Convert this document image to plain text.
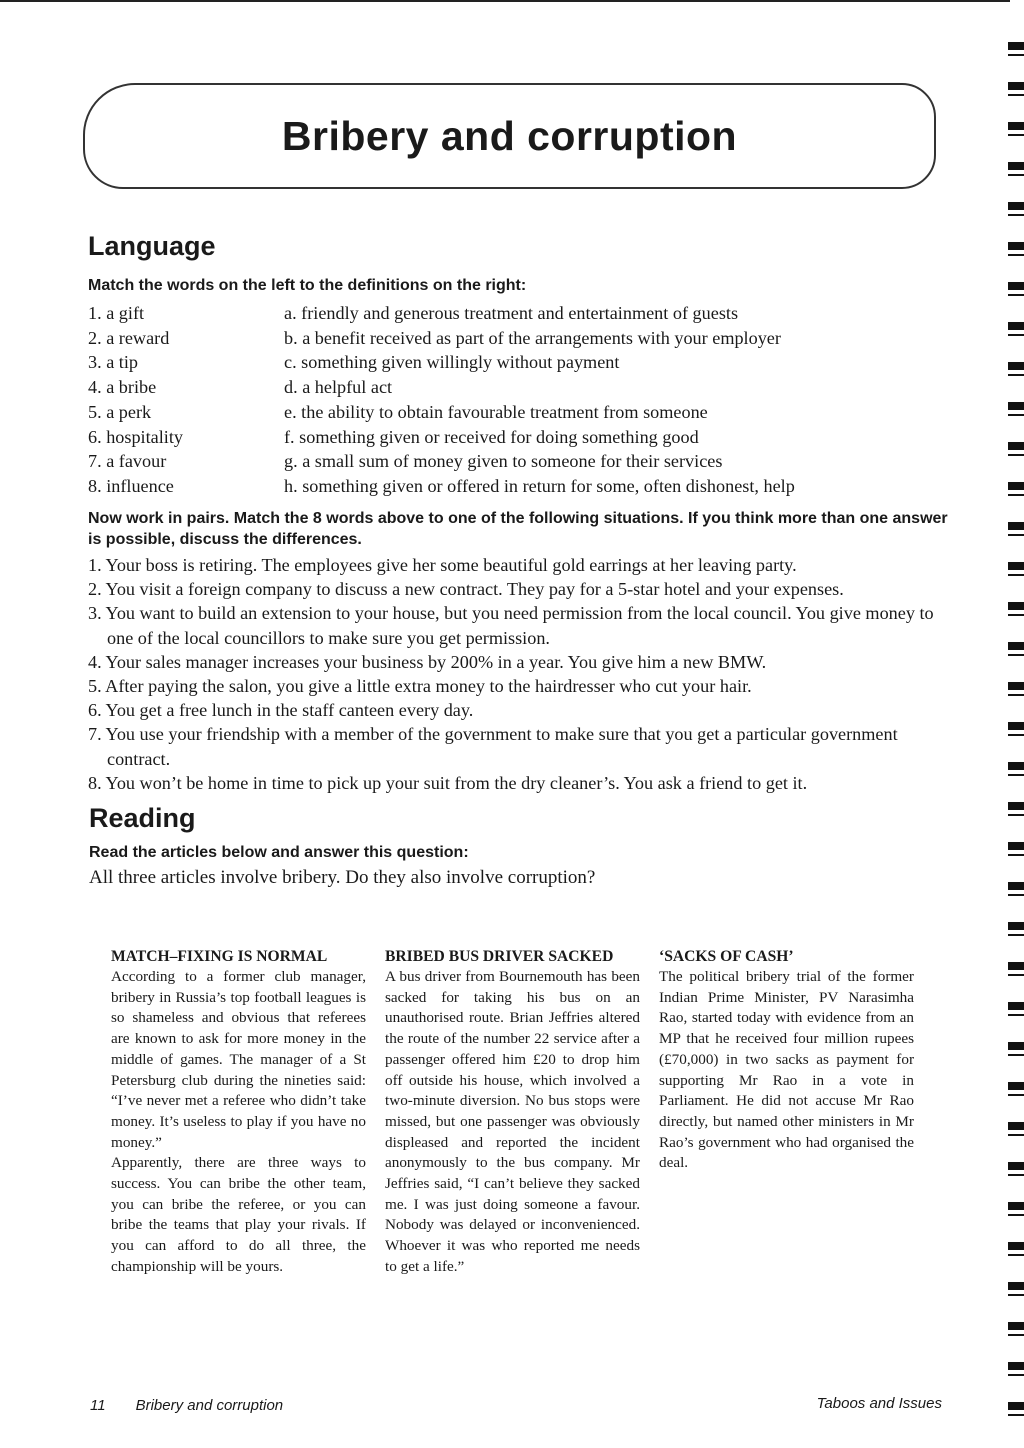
Bribery and corruption
Language
Match the words on the left to the definitions on the right:
1. a gift
2. a reward
3. a tip
4. a bribe
5. a perk
6. hospitality
7. a favour
8. influence
a. friendly and generous treatment and entertainment of guests
b. a benefit received as part of the arrangements with your employer
c. something given willingly without payment
d. a helpful act
e. the ability to obtain favourable treatment from someone
f. something given or received for doing something good
g. a small sum of money given to someone for their services
h. something given or offered in return for some, often dishonest, help
Now work in pairs. Match the 8 words above to one of the following situations. If you think more than one answer is possible, discuss the differences.
1. Your boss is retiring. The employees give her some beautiful gold earrings at her leaving party.
2. You visit a foreign company to discuss a new contract. They pay for a 5-star hotel and your expenses.
3. You want to build an extension to your house, but you need permission from the local council. You give money to one of the local councillors to make sure you get permission.
4. Your sales manager increases your business by 200% in a year. You give him a new BMW.
5. After paying the salon, you give a little extra money to the hairdresser who cut your hair.
6. You get a free lunch in the staff canteen every day.
7. You use your friendship with a member of the government to make sure that you get a particular government contract.
8. You won’t be home in time to pick up your suit from the dry cleaner’s. You ask a friend to get it.
Reading
Read the articles below and answer this question:
All three articles involve bribery. Do they also involve corruption?
MATCH–FIXING IS NORMAL

According to a former club manager, bribery in Russia’s top football leagues is so shameless and obvious that referees are known to ask for more money in the middle of games. The manager of a St Petersburg club during the nineties said: “I’ve never met a referee who didn’t take money. It’s useless to play if you have no money.”

Apparently, there are three ways to success. You can bribe the other team, you can bribe the referee, or you can bribe the teams that play your rivals. If you can afford to do all three, the championship will be yours.

BRIBED BUS DRIVER SACKED

A bus driver from Bournemouth has been sacked for taking his bus on an unauthorised route. Brian Jeffries altered the route of the number 22 service after a passenger offered him £20 to drop him off outside his house, which involved a two-minute diversion. No bus stops were missed, but one passenger was obviously displeased and reported the incident anonymously to the bus company. Mr Jeffries said, “I can’t believe they sacked me. I was just doing someone a favour. Nobody was delayed or inconvenienced. Whoever it was who reported me needs to get a life.”

‘SACKS OF CASH’

The political bribery trial of the former Indian Prime Minister, PV Narasimha Rao, started today with evidence from an MP that he received four million rupees (£70,000) in two sacks as payment for supporting Mr Rao in a vote in Parliament. He did not accuse Mr Rao directly, but named other ministers in Mr Rao’s government who had organised the deal.

11 Bribery and corruption	Taboos and Issues
